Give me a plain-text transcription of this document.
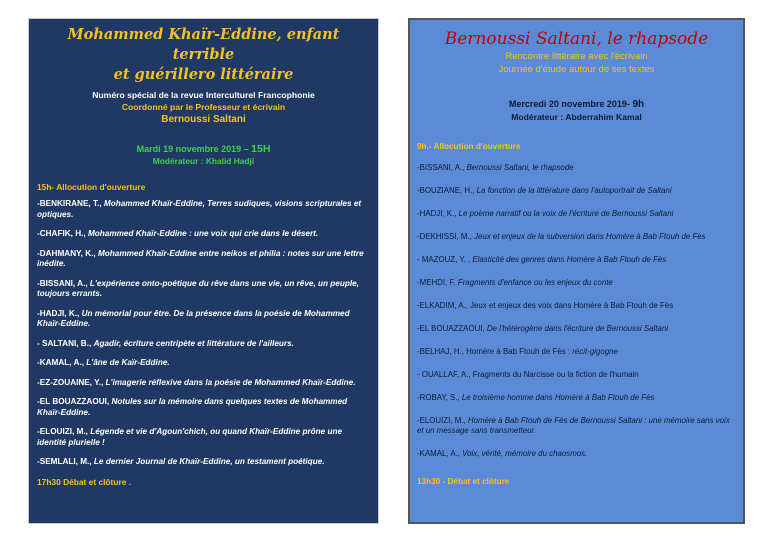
Mohammed Khaïr-Eddine, enfant terrible
et guérillero littéraire
Numéro spécial de la revue Interculturel Francophonie
Coordonné par le Professeur et écrivain
Bernoussi Saltani
Mardi 19 novembre 2019 – 15H
Modérateur : Khalid Hadji
15h- Allocution d'ouverture
-BENKIRANE, T., Mohammed Khaïr-Eddine, Terres sudiques, visions scripturales et optiques.
-CHAFIK, H., Mohammed Khaïr-Eddine : une voix qui crie dans le désert.
-DAHMANY, K., Mohammed Khaïr-Eddine entre neikos et philia : notes sur une lettre inédite.
-BISSANI, A., L'expérience onto-poétique du rêve dans une vie, un rêve, un peuple, toujours errants.
-HADJI, K., Un mémorial pour être. De la présence dans la poésie de Mohammed Khaïr-Eddine.
- SALTANI, B., Agadir, écriture centripète et littérature de l'ailleurs.
-KAMAL, A., L'âne de Kaïr-Eddine.
-EZ-ZOUAINE, Y., L'imagerie réflexive dans la poésie de Mohammed Khaïr-Eddine.
-EL BOUAZZAOUI, Notules sur la mémoire dans quelques textes de Mohammed Khaïr-Eddine.
-ELOUIZI, M., Légende et vie d'Agoun'chich, ou quand Khaïr-Eddine prône une identité plurielle !
-SEMLALI, M., Le dernier Journal de Khaïr-Eddine, un testament poétique.
17h30 Débat et clôture .
Bernoussi Saltani, le rhapsode
Rencontre littéraire avec l'écrivain
Journée d'étude autour de ses textes
Mercredi 20 novembre 2019- 9h
Modérateur : Abderrahim Kamal
9h.- Allocution d'ouverture
-BISSANI, A., Bernoussi Saltani, le rhapsode
-BOUZIANE, H., La fonction de la littérature dans l'autoportrait de Saltani
-HADJI, K., Le poème narratif ou la voix de l'écriture de Bernoussi Saltani
-DEKHISSI, M., Jeux et enjeux de la subversion dans Homère à Bab Ftouh de Fès
- MAZOUZ, Y. , Elasticité des genres dans Homère à Bab Ftouh de Fès
-MEHDI, F, Fragments d'enfance ou les enjeux du conte
-ELKADIM, A., Jeux et enjeux des voix dans Homère à Bab Ftouh de Fès
-EL BOUAZZAOUI, De l'hétérogène dans l'écriture de Bernoussi Saltani
-BELHAJ, H., Homère à Bab Ftouh de Fès : récit-gigogne
- OUALLAF, A., Fragments du Narcisse ou la fiction de l'humain
-ROBAY, S., Le troisième homme dans Homère à Bab Ftouh de Fès
-ELOUIZI, M., Homère à Bab Ftouh de Fès de Bernoussi Saltani : une mémoire sans voix et un message sans transmetteur.
-KAMAL, A., Voix, vérité, mémoire du chaosmos.
13h30 - Débat et clôture
